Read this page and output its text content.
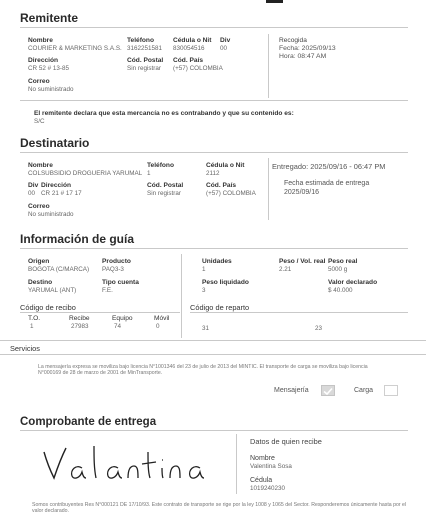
Remitente
Nombre
COURIER & MARKETING S.A.S.
Teléfono
3162251581
Cédula o Nit
830054516
Div
00
Dirección
CR 52 # 13-85
Cód. Postal
Sin registrar
Cód. País
(+57) COLOMBIA
Correo
No suministrado
Recogida
Fecha: 2025/09/13
Hora: 08:47 AM
El remitente declara que esta mercancía no es contrabando y que su contenido es:
S/C
Destinatario
Nombre
COLSUBSIDIO DROGUERIA YARUMAL
Teléfono
1
Cédula o Nit
2112
Div
00
Dirección
CR 21 # 17 17
Cód. Postal
Sin registrar
Cód. País
(+57) COLOMBIA
Correo
No suministrado
Entregado: 2025/09/16 - 06:47 PM
Fecha estimada de entrega
2025/09/16
Información de guía
Origen
BOGOTA (C/MARCA)
Producto
PAQ3-3
Destino
YARUMAL (ANT)
Tipo cuenta
F.E.
Unidades
1
Peso / Vol. real
2.21
Peso real
5000 g
Peso liquidado
3
Valor declarado
$ 40.000
Código de recibo
T.O.	Recibe	Equipo	Móvil
1	27983	74	0
Código de reparto
31	23
Servicios
La mensajería expresa se moviliza bajo licencia N°1001346 del 23 de julio de 2013 del MINTIC. El transporte de carga se moviliza bajo licencia N°000169 de 28 de marzo de 2001 de MinTransporte.
Mensajería	Carga
Comprobante de entrega
Datos de quien recibe
Nombre
Valentina Sosa
Cédula
1019240230
Somos contribuyentes Res N°000121 DE 17/10/93. Este contrato de transporte se rige por la ley 1008 y 1065 del Sector. Responderemos únicamente hasta por el valor declarado.
